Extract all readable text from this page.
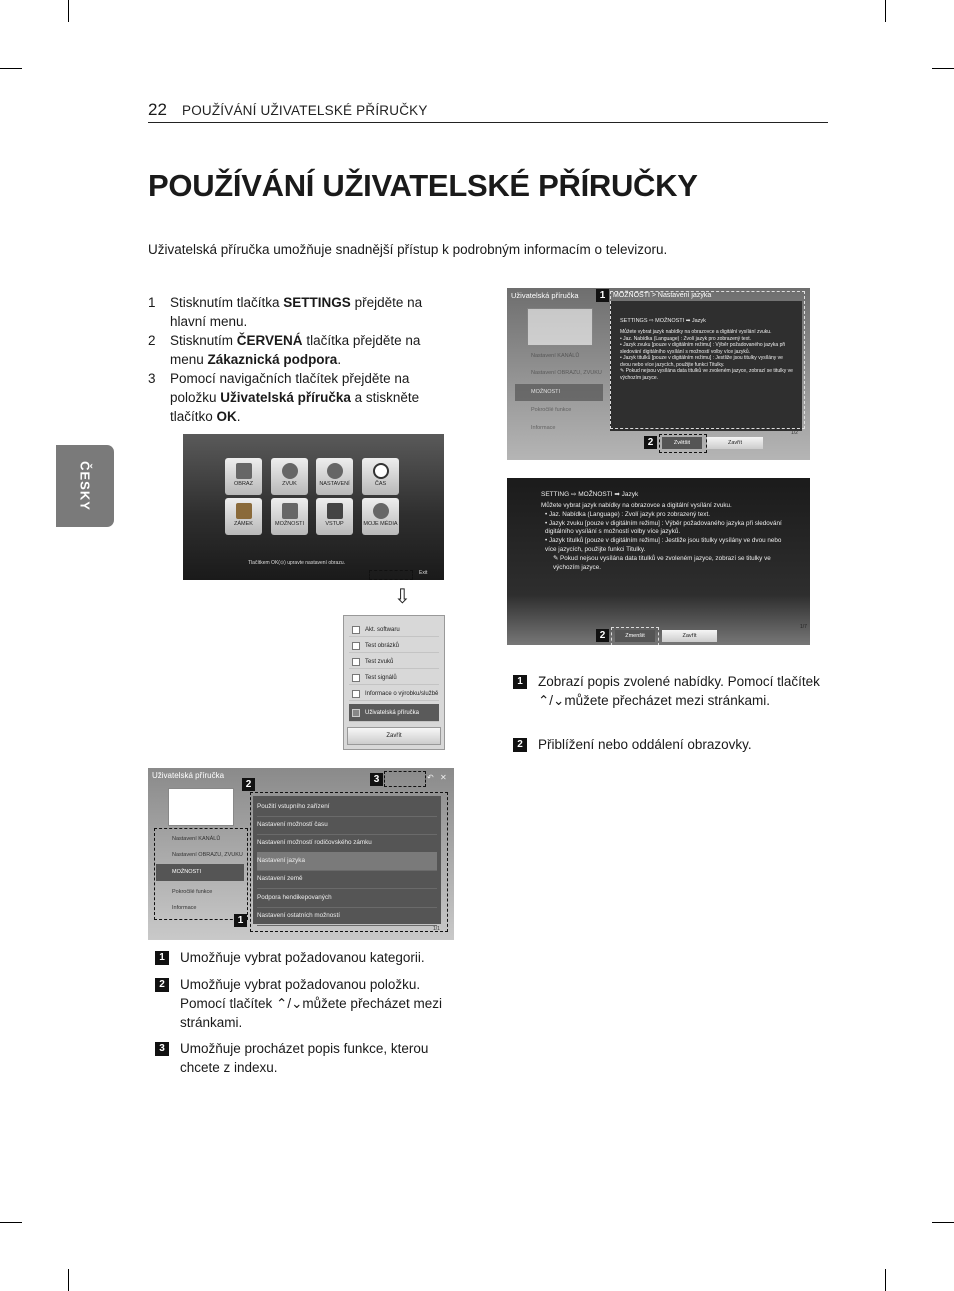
22 POUŽÍVÁNÍ UŽIVATELSKÉ PŘÍRUČKY
POUŽÍVÁNÍ UŽIVATELSKÉ PŘÍRUČKY
Uživatelská příručka umožňuje snadnější přístup k podrobným informacím o televizoru.
ČESKY
1	Stisknutím tlačítka SETTINGS přejděte na hlavní menu.
2	Stisknutím ČERVENÁ tlačítka přejděte na menu Zákaznická podpora.
3	Pomocí navigačních tlačítek přejděte na položku Uživatelská příručka a stiskněte tlačítko OK.
OBRAZ	ZVUK	NASTAVENÍ	ČAS
ZÁMEK	MOŽNOSTI	VSTUP	MOJE MÉDIA
Tlačítkem OK(⊙) upravte nastavení obrazu.
Exit
⇩
Akt. softwaru
Test obrázků
Test zvuků
Test signálů
Informace o výrobku/službě
Uživatelská příručka
Zavřít
Uživatelská příručka
Nastavení KANÁLŮ
Nastavení OBRAZU, ZVUKU
MOŽNOSTI
Pokročilé funkce
Informace
Použití vstupního zařízení
Nastavení možností času
Nastavení možností rodičovského zámku
Nastavení jazyka
Nastavení země
Podpora hendikepovaných
Nastavení ostatních možností
1/1
↶ ✕
2	3
1
1	Umožňuje vybrat požadovanou kategorii.
2	Umožňuje vybrat požadovanou položku. Pomocí tlačítek ⌃/⌄můžete přecházet mezi stránkami.
3	Umožňuje procházet popis funkce, kterou chcete z indexu.
Uživatelská příručka
Nastavení KANÁLŮ
Nastavení OBRAZU, ZVUKU
MOŽNOSTI
Pokročilé funkce
Informace
SETTINGS ⇨ MOŽNOSTI ➡ Jazyk
Můžete vybrat jazyk nabídky na obrazovce a digitální vysílání zvuku.
• Jaz. Nabídka (Language) : Zvolí jazyk pro zobrazený text.
• Jazyk zvuku [pouze v digitálním režimu] : Výběr požadovaného jazyka při sledování digitálního vysílání s možností volby více jazyků.
• Jazyk titulků [pouze v digitálním režimu] : Jestliže jsou titulky vysílány ve dvou nebo více jazycích, použijte funkci Titulky.
✎ Pokud nejsou vysílána data titulků ve zvoleném jazyce, zobrazí se titulky ve výchozím jazyce.
MOŽNOSTI > Nastavení jazyka
Zvětšit	Zavřít
1/2
1
2
SETTING ⇨ MOŽNOSTI ➡ Jazyk
Můžete vybrat jazyk nabídky na obrazovce a digitální vysílání zvuku.
• Jaz. Nabídka (Language) : Zvolí jazyk pro zobrazený text.
• Jazyk zvuku [pouze v digitálním režimu] : Výběr požadovaného jazyka při sledování digitálního vysílání s možností volby více jazyků.
• Jazyk titulků [pouze v digitálním režimu] : Jestliže jsou titulky vysílány ve dvou nebo více jazycích, použijte funkci Titulky.
✎ Pokud nejsou vysílána data titulků ve zvoleném jazyce, zobrazí se titulky ve výchozím jazyce.
Zmenšit	Zavřít
1/7
2
1	Zobrazí popis zvolené nabídky. Pomocí tlačítek ⌃/⌄můžete přecházet mezi stránkami.
2	Přiblížení nebo oddálení obrazovky.
